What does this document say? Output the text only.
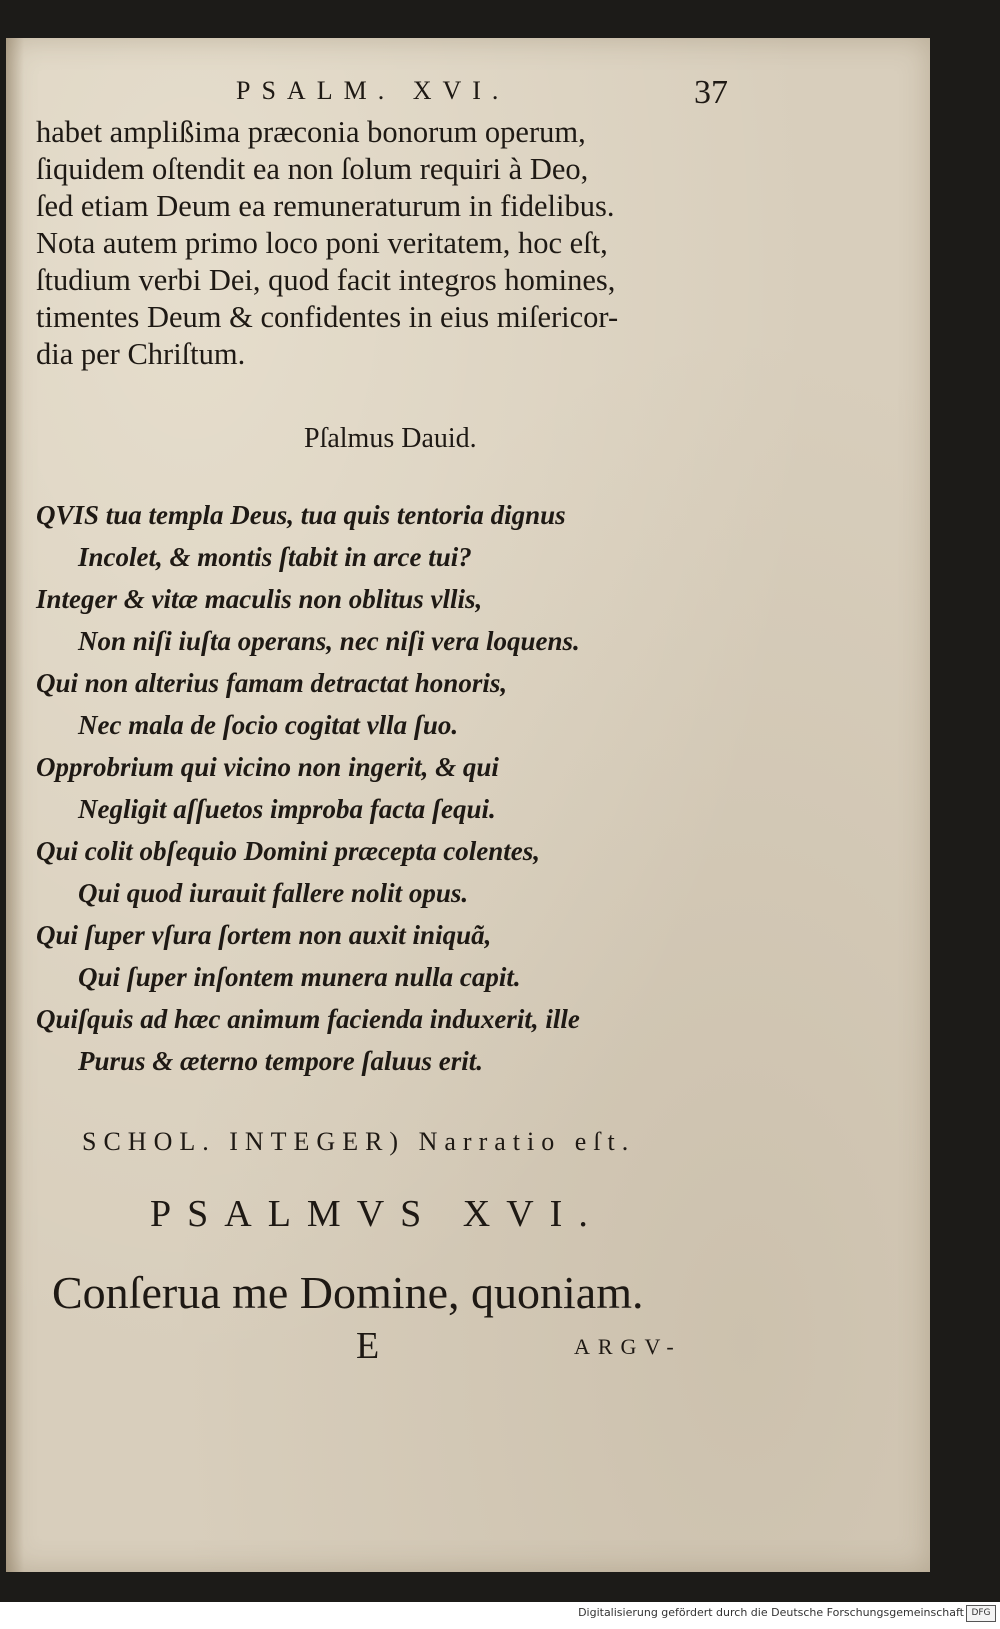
PSALM. XVI.	37
habet amplißima præconia bonorum operum,
ſiquidem oſtendit ea non ſolum requiri à Deo,
ſed etiam Deum ea remuneraturum in fidelibus.
Nota autem primo loco poni veritatem, hoc eſt,
ſtudium verbi Dei, quod facit integros homines,
timentes Deum & confidentes in eius miſericor-
dia per Chriſtum.
Pſalmus Dauid.
QVIS tua templa Deus, tua quis tentoria dignus
Incolet, & montis ſtabit in arce tui?
Integer & vitæ maculis non oblitus vllis,
Non niſi iuſta operans, nec niſi vera loquens.
Qui non alterius famam detractat honoris,
Nec mala de ſocio cogitat vlla ſuo.
Opprobrium qui vicino non ingerit, & qui
Negligit aſſuetos improba facta ſequi.
Qui colit obſequio Domini præcepta colentes,
Qui quod iurauit fallere nolit opus.
Qui ſuper vſura ſortem non auxit iniquã,
Qui ſuper inſontem munera nulla capit.
Quiſquis ad hæc animum facienda induxerit, ille
Purus & æterno tempore ſaluus erit.
SCHOL. INTEGER) Narratio eſt.
PSALMVS XVI.
Conſerua me Domine, quoniam.
E	ARGV-
Digitalisierung gefördert durch die Deutsche Forschungsgemeinschaft DFG
